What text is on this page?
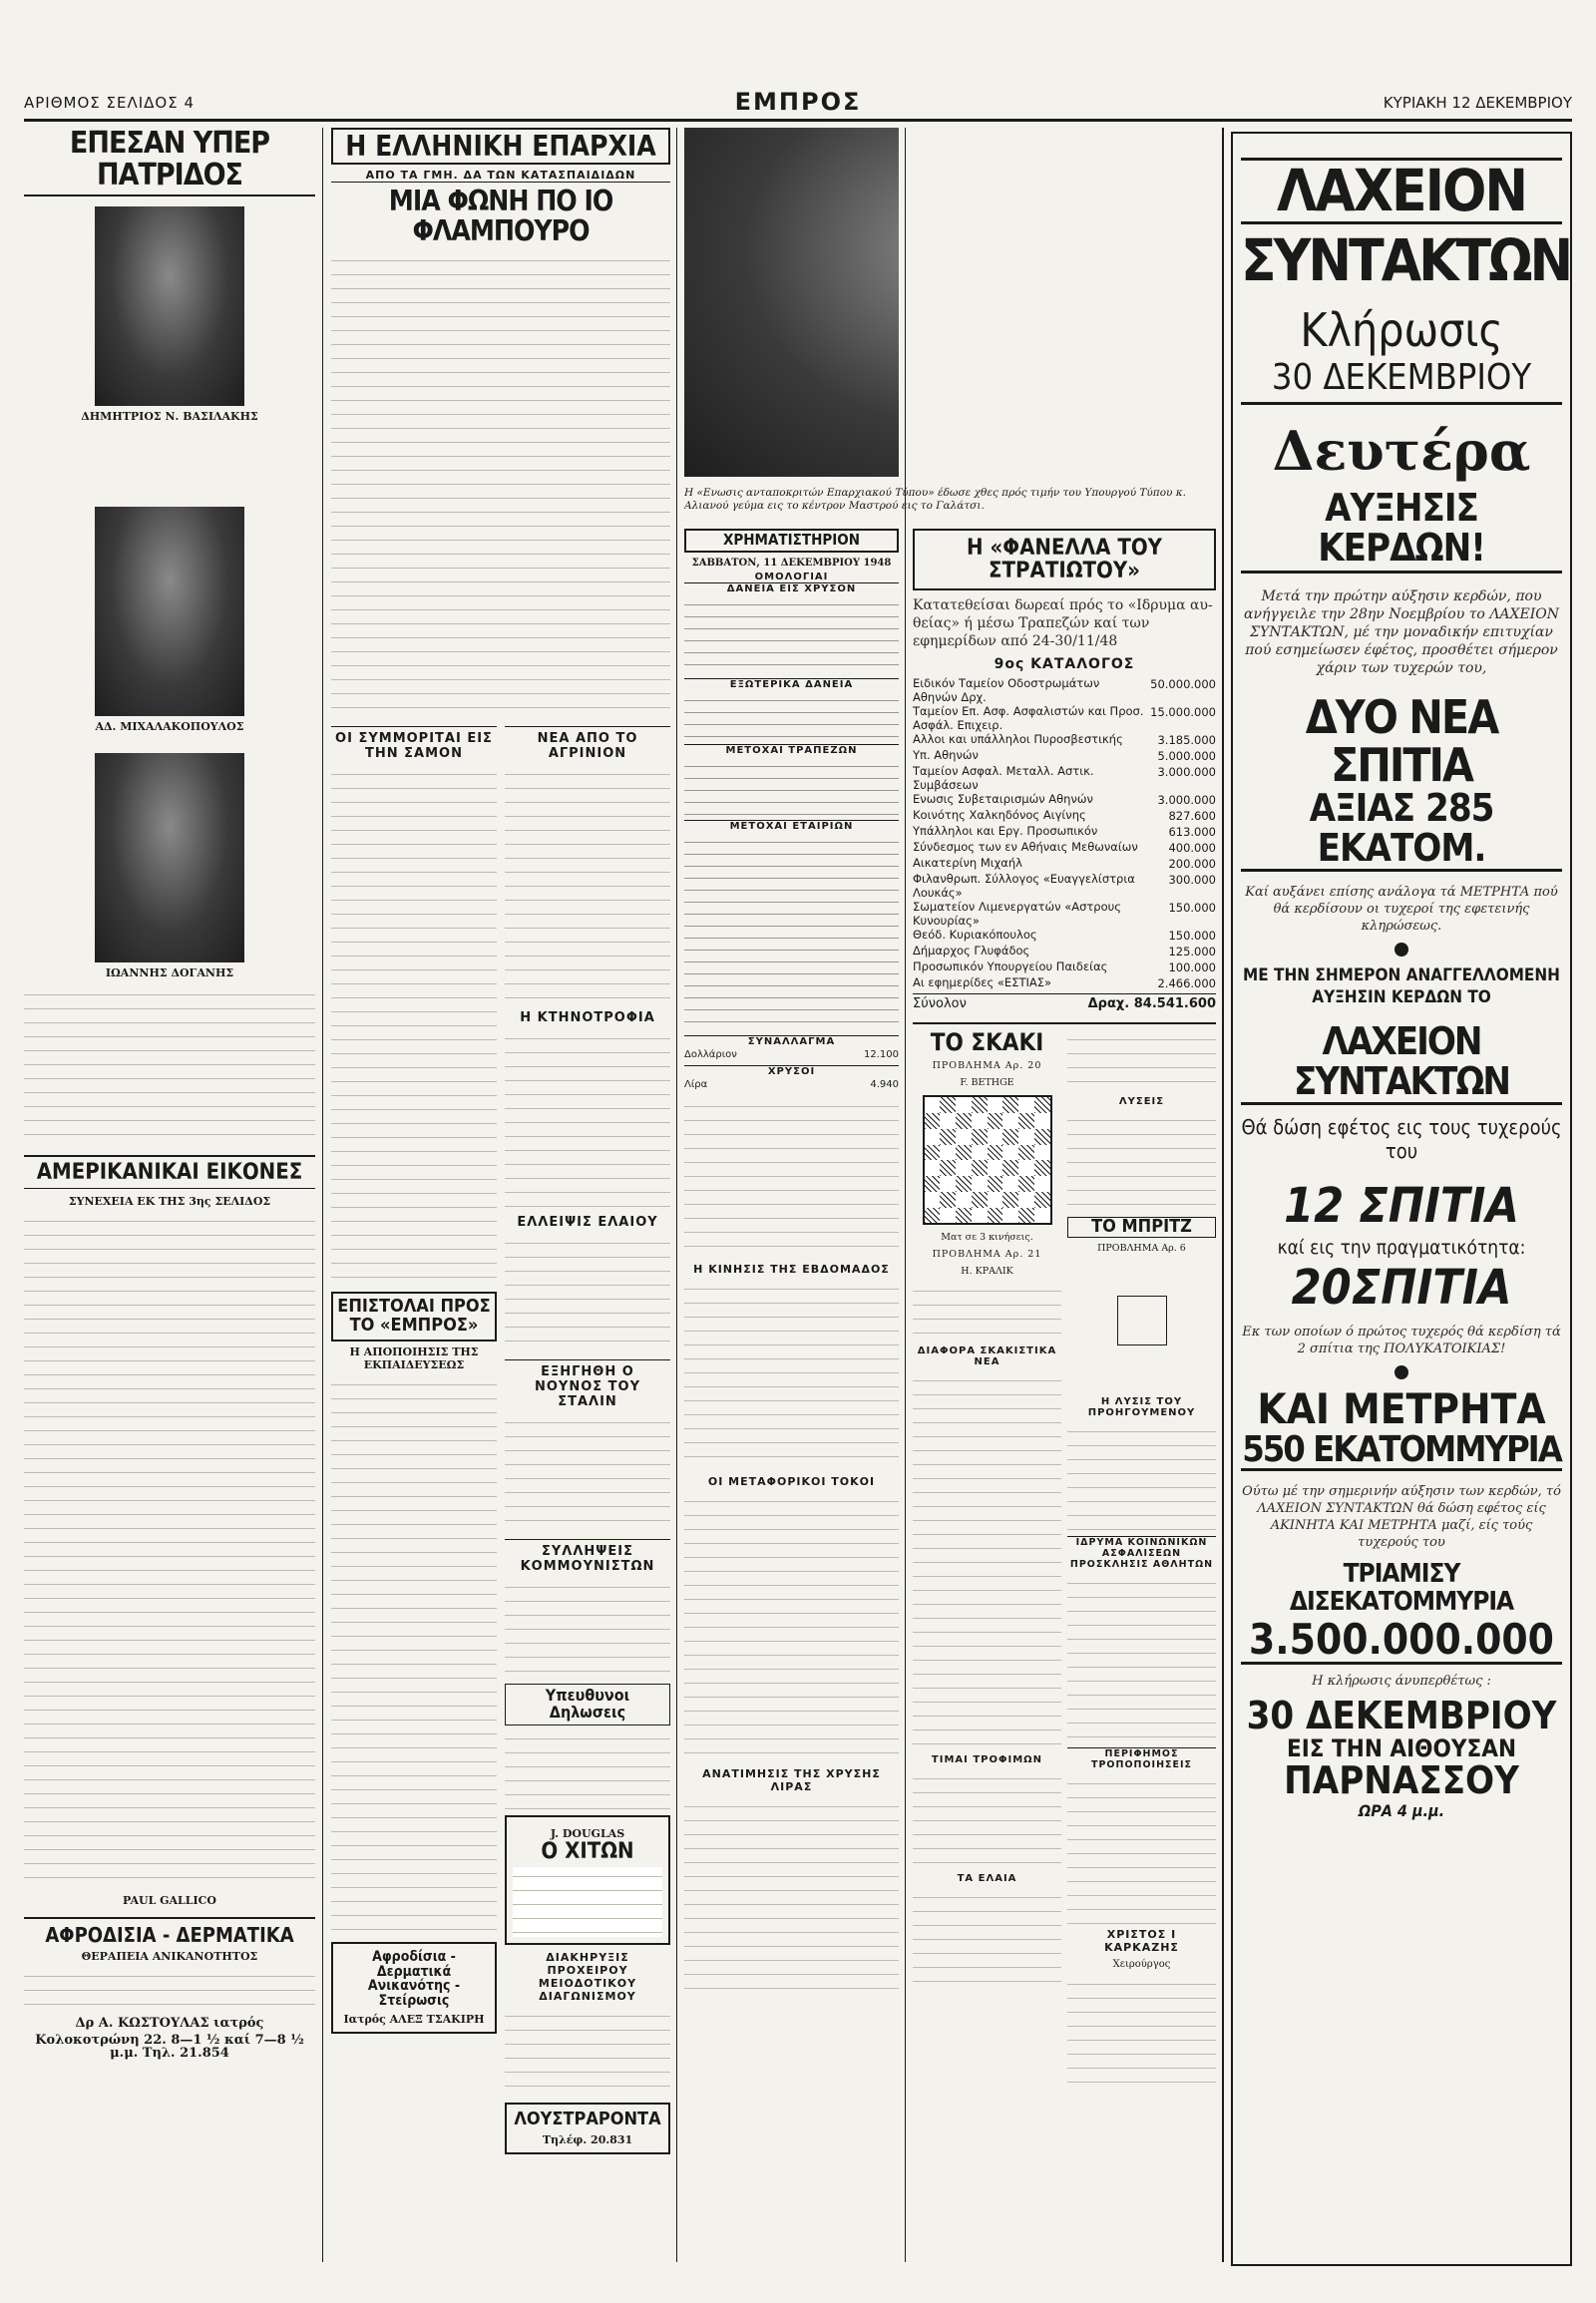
ΑΡΙΘΜΟΣ ΣΕΛΙΔΟΣ 4	ΕΜΠΡΟΣ	ΚΥΡΙΑΚΗ 12 ΔΕΚΕΜΒΡΙΟΥ
ΕΠΕΣΑΝ ΥΠΕΡ ΠΑΤΡΙΔΟΣ
ΔΗΜΗΤΡΙΟΣ Ν. ΒΑΣΙΛΑΚΗΣ
ΑΔ. ΜΙΧΑΛΑΚΟΠΟΥΛΟΣ
ΙΩΑΝΝΗΣ ΔΟΓΑΝΗΣ
ΑΜΕΡΙΚΑΝΙΚΑΙ ΕΙΚΟΝΕΣ
ΣΥΝΕΧΕΙΑ ΕΚ ΤΗΣ 3ης ΣΕΛΙΔΟΣ
PAUL GALLICO
ΑΦΡΟΔΙΣΙΑ - ΔΕΡΜΑΤΙΚΑ
ΘΕΡΑΠΕΙΑ ΑΝΙΚΑΝΟΤΗΤΟΣ
Δρ Α. ΚΩΣΤΟΥΛΑΣ ιατρός
Κολοκοτρώνη 22. 8—1 ½ καί 7—8 ½ μ.μ. Τηλ. 21.854
Η ΕΛΛΗΝΙΚΗ ΕΠΑΡΧΙΑ
ΑΠΟ ΤΑ ΓΜΗ. ΔΑ ΤΩΝ ΚΑΤΑΣΠΑΙΔΙΔΩΝ
ΜΙΑ ΦΩΝΗ ΠΟ ΙΟ ΦΛΑΜΠΟΥΡΟ
ΟΙ ΣΥΜΜΟΡΙΤΑΙ ΕΙΣ ΤΗΝ ΣΑΜΟΝ
ΕΠΙΣΤΟΛΑΙ ΠΡΟΣ ΤΟ «ΕΜΠΡΟΣ»
Η ΑΠΟΠΟΙΗΣΙΣ ΤΗΣ ΕΚΠΑΙΔΕΥΣΕΩΣ
Αφροδίσια - Δερματικά Ανικανότης - Στείρωσις
Ιατρός ΑΛΕΞ ΤΣΑΚΙΡΗ
ΝΕΑ ΑΠΟ ΤΟ ΑΓΡΙΝΙΟΝ
Η ΚΤΗΝΟΤΡΟΦΙΑ
ΕΛΛΕΙΨΙΣ ΕΛΑΙΟΥ
ΕΞΗΓΗΘΗ Ο ΝΟΥΝΟΣ ΤΟΥ ΣΤΑΛΙΝ
ΣΥΛΛΗΨΕΙΣ ΚΟΜΜΟΥΝΙΣΤΩΝ
Υπευθυνοι Δηλωσεις
J. DOUGLAS
Ο ΧΙΤΩΝ
ΔΙΑΚΗΡΥΞΙΣ ΠΡΟΧΕΙΡΟΥ ΜΕΙΟΔΟΤΙΚΟΥ ΔΙΑΓΩΝΙΣΜΟΥ
ΛΟΥΣΤΡΑΡΟΝΤΑ
Τηλέφ. 20.831
Η «Ενωσις ανταποκριτών Επαρχιακού Τύπου» έδωσε χθες πρός τιμήν του Υπουργού Τύπου κ. Αλιανού γεύμα εις το κέντρον Μαστρού εις το Γαλάτσι.
ΧΡΗΜΑΤΙΣΤΗΡΙΟΝ
ΣΑΒΒΑΤΟΝ, 11 ΔΕΚΕΜΒΡΙΟΥ 1948
ΟΜΟΛΟΓΙΑΙ
ΔΑΝΕΙΑ ΕΙΣ ΧΡΥΣΟΝ
ΕΞΩΤΕΡΙΚΑ ΔΑΝΕΙΑ
ΜΕΤΟΧΑΙ ΤΡΑΠΕΖΩΝ
ΜΕΤΟΧΑΙ ΕΤΑΙΡΙΩΝ
ΣΥΝΑΛΛΑΓΜΑ
Δολλάριον	12.100
ΧΡΥΣΟΙ
Λίρα	4.940
Η ΚΙΝΗΣΙΣ ΤΗΣ ΕΒΔΟΜΑΔΟΣ
ΟΙ ΜΕΤΑΦΟΡΙΚΟΙ ΤΟΚΟΙ
ΑΝΑΤΙΜΗΣΙΣ ΤΗΣ ΧΡΥΣΗΣ ΛΙΡΑΣ
Η «ΦΑΝΕΛΛΑ ΤΟΥ ΣΤΡΑΤΙΩΤΟΥ»
Κατατεθείσαι δωρεαί πρός το «Ιδρυμα αυ θείας» ή μέσω Τραπεζών καί των εφημερίδων από 24-30/11/48
9ος ΚΑΤΑΛΟΓΟΣ
Ειδικόν Ταμείον Οδοστρωμάτων Αθηνών Δρχ.
50.000.000
Ταμείον Επ. Ασφ. Ασφαλιστών και Προσ. Ασφάλ. Επιχειρ.
15.000.000
Αλλοι και υπάλληλοι Πυροσβεστικής	3.185.000
Υπ. Αθηνών	5.000.000
Ταμείον Ασφαλ. Μεταλλ. Αστικ. Συμβάσεων
3.000.000
Ενωσις Συβεταιρισμών Αθηνών	3.000.000
Κοινότης Χαλκηδόνος Αιγίνης	827.600
Υπάλληλοι και Εργ. Προσωπικόν	613.000
Σύνδεσμος των εν Αθήναις Μεθωναίων	400.000
Αικατερίνη Μιχαήλ	200.000
Φιλανθρωπ. Σύλλογος «Ευαγγελίστρια Λουκάς»
300.000
Σωματείον Λιμενεργατών «Αστρους Κυνουρίας»
150.000
Θεόδ. Κυριακόπουλος	150.000
Δήμαρχος Γλυφάδος	125.000
Προσωπικόν Υπουργείου Παιδείας	100.000
Αι εφημερίδες «ΕΣΤΙΑΣ»	2.466.000
Σύνολον	Δραχ. 84.541.600
ΤΟ ΣΚΑΚΙ
ΠΡΟΒΛΗΜΑ Αρ. 20
F. BETHGE
Ματ σε 3 κινήσεις.
ΠΡΟΒΛΗΜΑ Αρ. 21
Η. ΚΡΑΛΙΚ
ΔΙΑΦΟΡΑ ΣΚΑΚΙΣΤΙΚΑ ΝΕΑ
ΤΙΜΑΙ ΤΡΟΦΙΜΩΝ
ΤΑ ΕΛΑΙΑ
ΛΥΣΕΙΣ
ΤΟ ΜΠΡΙΤΖ
ΠΡΟΒΛΗΜΑ Αρ. 6
Η ΛΥΣΙΣ ΤΟΥ ΠΡΟΗΓΟΥΜΕΝΟΥ
ΙΔΡΥΜΑ ΚΟΙΝΩΝΙΚΩΝ ΑΣΦΑΛΙΣΕΩΝ
ΠΡΟΣΚΛΗΣΙΣ ΑΘΛΗΤΩΝ
ΠΕΡΙΦΗΜΟΣ ΤΡΟΠΟΠΟΙΗΣΕΙΣ
ΧΡΙΣΤΟΣ Ι ΚΑΡΚΑΖΗΣ
Χειρούργος
ΛΑΧΕΙΟΝ
ΣΥΝΤΑΚΤΩΝ
Κλήρωσις
30 ΔΕΚΕΜΒΡΙΟΥ
Δευτέρα
ΑΥΞΗΣΙΣ ΚΕΡΔΩΝ!
Μετά την πρώτην αύξησιν κερδών, που ανήγγειλε την 28ην Νοεμβρίου το ΛΑΧΕΙΟΝ ΣΥΝΤΑΚΤΩΝ, μέ την μοναδικήν επιτυχίαν πού εσημείωσεν έφέτος, προσθέτει σήμερον χάριν των τυχερών του,
ΔΥΟ ΝΕΑ ΣΠΙΤΙΑ
ΑΞΙΑΣ 285 ΕΚΑΤΟΜ.
Καί αυξάνει επίσης ανάλογα τά ΜΕΤΡΗΤΑ πού θά κερδίσουν οι τυχεροί της εφετεινής κληρώσεως.
ΜΕ ΤΗΝ ΣΗΜΕΡΟΝ ΑΝΑΓΓΕΛΛΟΜΕΝΗ ΑΥΞΗΣΙΝ ΚΕΡΔΩΝ ΤΟ
ΛΑΧΕΙΟΝ ΣΥΝΤΑΚΤΩΝ
Θά δώση εφέτος εις τους τυχερούς του
12 ΣΠΙΤΙΑ
καί εις την πραγματικότητα:
20ΣΠΙΤΙΑ
Εκ των οποίων ό πρώτος τυχερός θά κερδίση τά 2 σπίτια της ΠΟΛΥΚΑΤΟΙΚΙΑΣ!
ΚΑΙ ΜΕΤΡΗΤΑ
550 ΕΚΑΤΟΜΜΥΡΙΑ
Ούτω μέ την σημερινήν αύξησιν των κερδών, τό ΛΑΧΕΙΟΝ ΣΥΝΤΑΚΤΩΝ θά δώση εφέτος είς ΑΚΙΝΗΤΑ ΚΑΙ ΜΕΤΡΗΤΑ μαζί, είς τούς τυχερούς του
ΤΡΙΑΜΙΣΥ ΔΙΣΕΚΑΤΟΜΜΥΡΙΑ
3.500.000.000
Η κλήρωσις άνυπερθέτως :
30 ΔΕΚΕΜΒΡΙΟΥ
ΕΙΣ ΤΗΝ ΑΙΘΟΥΣΑΝ
ΠΑΡΝΑΣΣΟΥ
ΩΡΑ 4 μ.μ.
